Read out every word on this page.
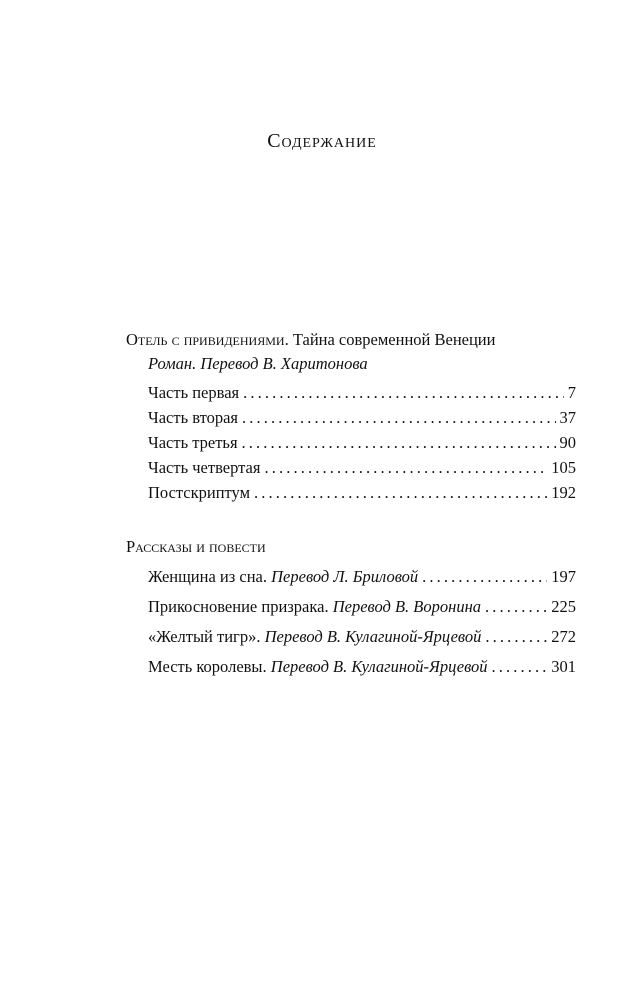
Содержание
Отель с привидениями. Тайна современной Венеции
Роман. Перевод В. Харитонова
Часть первая . . .	7
Часть вторая . . .	37
Часть третья . . .	90
Часть четвертая . . .	105
Постскриптум . . .	192
Рассказы и повести
Женщина из сна. Перевод Л. Бриловой . . .	197
Прикосновение призрака. Перевод В. Воронина . . .	225
«Желтый тигр». Перевод В. Кулагиной-Ярцевой . . .	272
Месть королевы. Перевод В. Кулагиной-Ярцевой . . .	301
